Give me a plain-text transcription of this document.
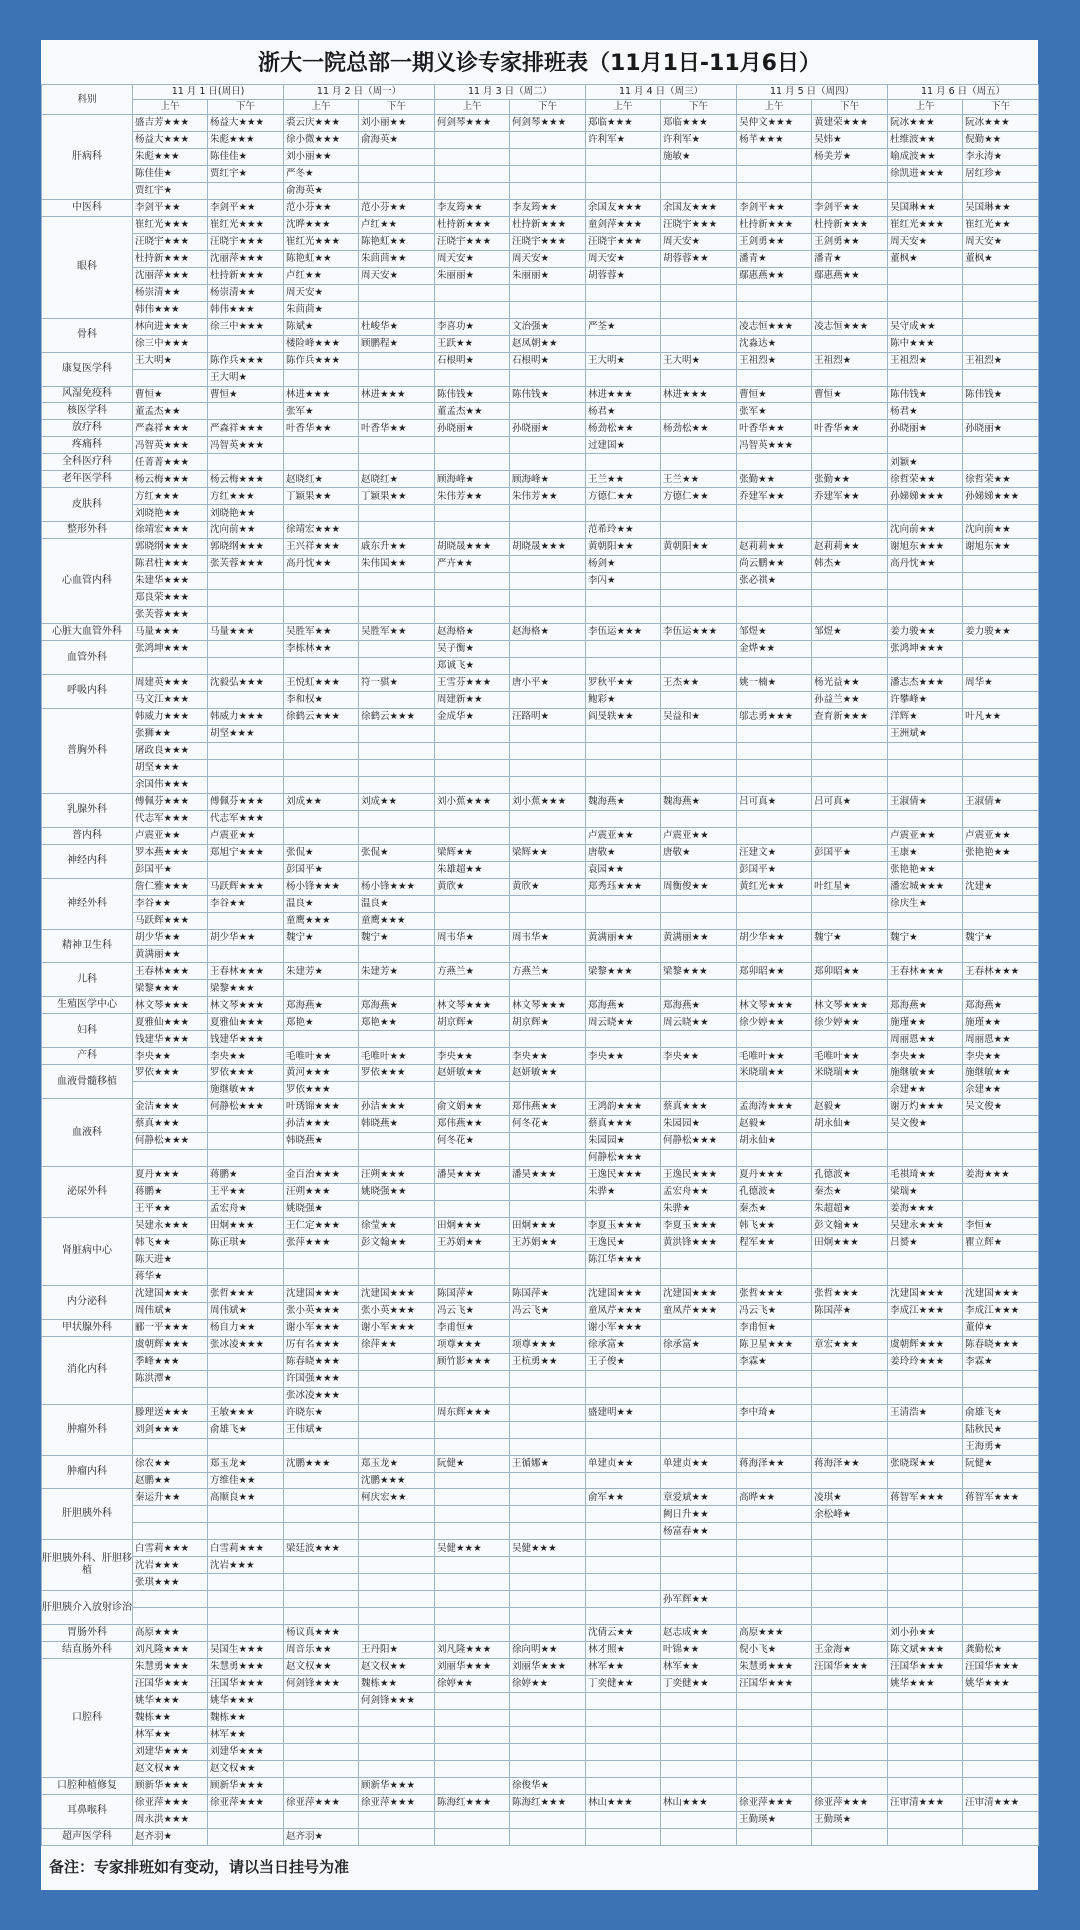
浙大一院总部一期义诊专家排班表（11月1日-11月6日）
科别	11 月 1 日(周日)		11 月 2 日（周一）		11 月 3 日（周二）		11 月 4 日（周三）		11 月 5 日（周四）		11 月 6 日（周五）	
	上午	下午	上午	下午	上午	下午	上午	下午	上午	下午	上午	下午
肝病科	盛吉芳★★★	杨益大★★★	裘云庆★★★	刘小丽★★	何剑琴★★★	何剑琴★★★	郑临★★★	郑临★★★	吴仲文★★★	黄建荣★★★	阮冰★★★	阮冰★★★
	杨益大★★★	朱彪★★★	徐小微★★★	俞海英★			许利军★	许利军★	杨芊★★★	吴炜★	杜维波★★	倪勤★★
	朱彪★★★	陈佳佳★	刘小丽★★					施敏★		杨美芳★	喻成波★★	李永涛★
	陈佳佳★	贾红宇★	严冬★								徐凯进★★★	居红珍★
	贾红宇★		俞海英★									
中医科	李剑平★★	李剑平★★	范小芬★★	范小芬★★	李友筠★★	李友筠★★	余国友★★★	余国友★★★	李剑平★★	李剑平★★	吴国琳★★	吴国琳★★
眼科	崔红光★★★	崔红光★★★	沈晔★★★	卢红★★	杜持新★★★	杜持新★★★	童剑萍★★★	汪晓宇★★★	杜持新★★★	杜持新★★★	崔红光★★★	崔红光★★
	汪晓宇★★★	汪晓宇★★★	崔红光★★★	陈艳虹★★	汪晓宇★★★	汪晓宇★★★	汪晓宇★★★	周天安★	王剑勇★★	王剑勇★★	周天安★	周天安★
	杜持新★★★	沈丽萍★★★	陈艳虹★★	朱茴茴★★	周天安★	周天安★	周天安★	胡蓉蓉★★	潘青★	潘青★	董枫★	董枫★
	沈丽萍★★★	杜持新★★★	卢红★★	周天安★	朱丽丽★	朱丽丽★	胡蓉蓉★		鄢惠燕★★	鄢惠燕★★		
	杨崇清★★	杨崇清★★	周天安★									
	韩伟★★★	韩伟★★★	朱茴茴★									
骨科	林向进★★★	徐三中★★★	陈斌★	杜峻华★	李喜功★	文治强★	严荃★		凌志恒★★★	凌志恒★★★	吴守成★★	
	徐三中★★★		楼险峰★★★	顾鹏程★	王跃★★	赵凤朝★★			沈淼达★		陈中★★★	
康复医学科	王大明★	陈作兵★★★	陈作兵★★★		石根明★	石根明★	王大明★	王大明★	王祖烈★	王祖烈★	王祖烈★	王祖烈★
		王大明★										
风湿免疫科	曹恒★	曹恒★	林进★★★	林进★★★	陈伟钱★	陈伟钱★	林进★★★	林进★★★	曹恒★	曹恒★	陈伟钱★	陈伟钱★
核医学科	董孟杰★★		张军★		董孟杰★★		杨君★		张军★		杨君★	
放疗科	严森祥★★★	严森祥★★★	叶香华★★	叶香华★★	孙晓丽★	孙晓丽★	杨劲松★★	杨劲松★★	叶香华★★	叶香华★★	孙晓丽★	孙晓丽★
疼痛科	冯智英★★★	冯智英★★★					过建国★		冯智英★★★			
全科医疗科	任菁菁★★★										刘颖★	
老年医学科	杨云梅★★★	杨云梅★★★	赵晓红★	赵晓红★	顾海峰★	顾海峰★	王兰★★	王兰★★	张勤★★	张勤★★	徐哲荣★★	徐哲荣★★
皮肤科	方红★★★	方红★★★	丁颖果★★	丁颖果★★	朱伟芳★★	朱伟芳★★	方德仁★★	方德仁★★	乔建军★★	乔建军★★	孙娣娣★★★	孙娣娣★★★
	刘晓艳★★	刘晓艳★★										
整形外科	徐靖宏★★★	沈向前★★	徐靖宏★★★				范希玲★★				沈向前★★	沈向前★★
心血管内科	郭晓纲★★★	郭晓纲★★★	王兴祥★★★	戚东升★★	胡晓晟★★★	胡晓晟★★★	黄朝阳★★	黄朝阳★★	赵莉莉★★	赵莉莉★★	谢旭东★★★	谢旭东★★
	陈君柱★★★	张芙蓉★★★	高丹忱★★	朱伟国★★	严卉★★		杨剑★		尚云鹏★★	韩杰★	高丹忱★★	
	朱建华★★★						李闪★		张必祺★			
	郑良荣★★★											
	张芙蓉★★★											
心脏大血管外科	马量★★★	马量★★★	吴胜军★★	吴胜军★★	赵海格★	赵海格★	李伍运★★★	李伍运★★★	邹煜★	邹煜★	姜力骏★★	姜力骏★★
血管外科	张鸿坤★★★		李栋林★★		吴子衡★				金烨★★		张鸿坤★★★	
					郑诚飞★							
呼吸内科	周建英★★★	沈毅弘★★★	王悦虹★★★	符一骐★	王雪芬★★★	唐小平★	罗秋平★★	王杰★★	姚一楠★	杨光益★★	潘志杰★★★	周华★
	马文江★★★		李和权★		周建新★★		鲍彩★			孙益兰★★	许攀峰★	
普胸外科	韩威力★★★	韩威力★★★	徐鹤云★★★	徐鹤云★★★	金成华★	汪路明★	阎旻轶★★	吴益和★	邬志勇★★★	查育新★★★	洋辉★	叶凡★★
	张狮★★	胡坚★★★									王洲斌★	
	屠政良★★★											
	胡坚★★★											
	余国伟★★★											
乳腺外科	傅佩芬★★★	傅佩芬★★★	刘成★★	刘成★★	刘小蕉★★★	刘小蕉★★★	魏海燕★	魏海燕★	吕可真★	吕可真★	王淑倩★	王淑倩★
	代志军★★★	代志军★★★										
普内科	卢震亚★★	卢震亚★★					卢震亚★★	卢震亚★★			卢震亚★★	卢震亚★★
神经内科	罗本燕★★★	郑旭宁★★★	张侃★	张侃★	梁辉★★	梁辉★★	唐敬★	唐敬★	汪建文★	彭国平★	王康★	张艳艳★★
	彭国平★		彭国平★		朱雄超★★		袁园★★		彭国平★		张艳艳★★	
神经外科	詹仁雅★★★	马跃辉★★★	杨小锋★★★	杨小锋★★★	黄欣★	黄欣★	郑秀珏★★★	周衡俊★★	黄红光★★	叶红星★	潘宏城★★★	沈建★
	李谷★★	李谷★★	温良★	温良★							徐庆生★	
	马跃辉★★★		童鹰★★★	童鹰★★★								
精神卫生科	胡少华★★	胡少华★★	魏宁★	魏宁★	周韦华★	周韦华★	黄满丽★★	黄满丽★★	胡少华★★	魏宁★	魏宁★	魏宁★
	黄满丽★★											
儿科	王春林★★★	王春林★★★	朱建芳★	朱建芳★	方燕兰★	方燕兰★	梁黎★★★	梁黎★★★	郑卯昭★★	郑卯昭★★	王春林★★★	王春林★★★
	梁黎★★★	梁黎★★★										
生殖医学中心	林文琴★★★	林文琴★★★	郑海燕★	郑海燕★	林文琴★★★	林文琴★★★	郑海燕★	郑海燕★	林文琴★★★	林文琴★★★	郑海燕★	郑海燕★
妇科	夏雅仙★★★	夏雅仙★★★	郑艳★	郑艳★★	胡京辉★	胡京辉★	周云晓★★	周云晓★★	徐少婷★★	徐少婷★★	施瑾★★	施瑾★★
	钱建华★★★	钱建华★★★									周丽恩★★	周丽恩★★
产科	李央★★	李央★★	毛唯叶★★	毛唯叶★★	李央★★	李央★★	李央★★	李央★★	毛唯叶★★	毛唯叶★★	李央★★	李央★★
血液骨髓移植	罗依★★★	罗依★★★	黄河★★★	罗依★★★	赵妍敏★★	赵妍敏★★			米晓瑞★★	米晓瑞★★	施继敏★★	施继敏★★
		施继敏★★	罗依★★★								佘建★★	佘建★★
血液科	金洁★★★	何静松★★★	叶琇锦★★★	孙洁★★★	俞文娟★★	郑伟燕★★	王鸿韵★★★	蔡真★★★	孟海涛★★★	赵毅★	谢万灼★★★	吴文俊★
	蔡真★★★		孙洁★★★	韩晓燕★	郑伟燕★★	何冬花★	蔡真★★★	朱园园★	赵毅★	胡永仙★	吴文俊★	
	何静松★★★		韩晓燕★		何冬花★		朱园园★	何静松★★★	胡永仙★			
							何静松★★★					
泌尿外科	夏丹★★★	蒋鹏★	金百治★★★	汪朔★★★	潘昊★★★	潘昊★★★	王逸民★★★	王逸民★★★	夏丹★★★	孔德波★	毛祺琦★★	姜海★★★
	蒋鹏★	王平★★	汪朔★★★	姚晓强★★			朱骅★	孟宏舟★★	孔德波★	秦杰★	梁瑞★	
	王平★★	孟宏舟★	姚晓强★					朱骅★	秦杰★	朱超超★	姜海★★★	
肾脏病中心	吴建永★★★	田炯★★★	王仁定★★★	徐莹★★	田炯★★★	田炯★★★	李夏玉★★★	李夏玉★★★	韩飞★★	彭文翰★★	吴建永★★★	李恒★
	韩飞★★	陈正琪★	张萍★★★	彭文翰★★	王苏娟★★	王苏娟★★	王逸民★	黄洪锋★★★	程军★★	田炯★★★	吕赟★	瞿立辉★
	陈天进★						陈江华★★★					
	蒋华★											
内分泌科	沈建国★★★	张哲★★★	沈建国★★★	沈建国★★★	陈国萍★	陈国萍★	沈建国★★★	沈建国★★★	张哲★★★	张哲★★★	沈建国★★★	沈建国★★★
	周伟斌★	周伟斌★	张小英★★★	张小英★★★	冯云飞★	冯云飞★	童凤芹★★★	童凤芹★★★	冯云飞★	陈国萍★	李成江★★★	李成江★★★
甲状腺外科	郦一平★★★	杨自力★★	谢小军★★★	谢小军★★★	李甫恒★		谢小军★★★		李甫恒★			董倬★
消化内科	虞朝辉★★★	张冰凌★★★	厉有名★★★	徐萍★★	项尊★★★	项尊★★★	徐承富★	徐承富★	陈卫星★★★	章宏★★★	虞朝辉★★★	陈春晓★★★
	季峰★★★		陈春晓★★★		顾竹影★★★	王杭勇★★	王子俊★		李霖★		姜玲玲★★★	李霖★
	陈洪潭★		许国强★★★									
			张冰凌★★★									
肿瘤外科	滕理送★★★	王敏★★★	许晓东★		周东辉★★★		盛建明★★		李中琦★		王清浩★	俞雄飞★
	刘剑★★★	俞雄飞★	王伟斌★									陆秋民★
												王海勇★
肿瘤内科	徐农★★	郑玉龙★	沈鹏★★★	郑玉龙★	阮健★	王循娜★	单建贞★★	单建贞★★	蒋海泽★★	蒋海泽★★	张晓琛★★	阮健★
	赵鹏★★	方维佳★★		沈鹏★★★								
肝胆胰外科	秦运升★★	高顺良★★		柯庆宏★★			俞军★★	章爱斌★★	高晔★★	凌琪★	蒋智军★★★	蒋智军★★★
								阙日升★★		余松峰★		
								杨富春★★				
肝胆胰外科、肝胆移植	白雪莉★★★	白雪莉★★★	梁廷波★★★		吴健★★★	吴健★★★						
	沈岩★★★	沈岩★★★										
	张琪★★★											
肝胆胰介入放射诊治								孙军辉★★				

胃肠外科	高原★★★		杨议真★★★				沈倩云★★	赵志成★★	高原★★★		刘小孙★★	
结直肠外科	刘凡隆★★★	吴国生★★★	周音乐★★	王丹阳★	刘凡隆★★★	徐向明★★	林才照★	叶锦★★	倪小飞★	王金海★	陈文斌★★★	龚勤松★
口腔科	朱慧勇★★★	朱慧勇★★★	赵文权★★	赵文权★★	刘丽华★★★	刘丽华★★★	林军★★	林军★★	朱慧勇★★★	汪国华★★★	汪国华★★★	汪国华★★★
	汪国华★★★	汪国华★★★	何剑锋★★★	魏栋★★	徐婷★★	徐婷★★	丁奕健★★	丁奕健★★	汪国华★★★		姚华★★★	姚华★★★
	姚华★★★	姚华★★★		何剑锋★★★								
	魏栋★★	魏栋★★										
	林军★★	林军★★										
	刘建华★★★	刘建华★★★										
	赵文权★★	赵文权★★										
口腔种植修复	顾新华★★★	顾新华★★★		顾新华★★★		徐俊华★						
耳鼻喉科	徐亚萍★★★	徐亚萍★★★	徐亚萍★★★	徐亚萍★★★	陈海红★★★	陈海红★★★	林山★★★	林山★★★	徐亚萍★★★	徐亚萍★★★	汪审清★★★	汪审清★★★
	周永洪★★★								王勤瑛★	王勤瑛★		
超声医学科	赵齐羽★		赵齐羽★									
备注：专家排班如有变动，请以当日挂号为准
